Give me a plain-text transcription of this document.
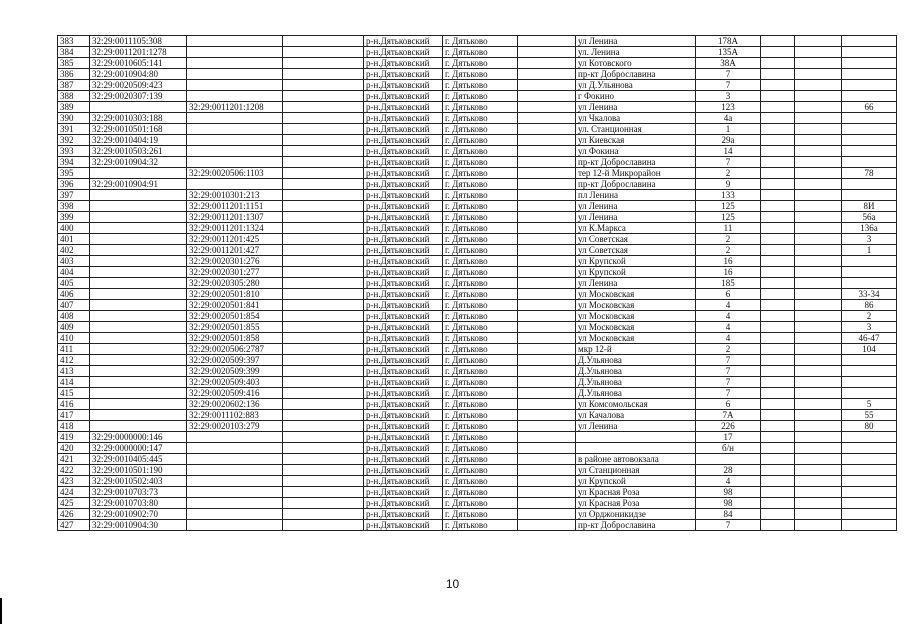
383	32:29:0011105:308			р-н.Дятьковский	г. Дятьково		ул Ленина	178А			
384	32:29:0011201:1278			р-н.Дятьковский	г. Дятьково		ул. Ленина	135А			
385	32:29:0010605:141			р-н.Дятьковский	г. Дятьково		ул Котовского	38А			
386	32:29:0010904:80			р-н.Дятьковский	г. Дятьково		пр-кт Доброславина	7			
387	32:29:0020509:423			р-н.Дятьковский	г. Дятьково		ул Д.Ульянова	7			
388	32:29:0020307:139			р-н.Дятьковский	г. Дятьково		г Фокино	3			
389		32:29:0011201:1208		р-н.Дятьковский	г. Дятьково		ул Ленина	123			66
390	32:29:0010303:188			р-н.Дятьковский	г. Дятьково		ул Чкалова	4а			
391	32:29:0010501:168			р-н.Дятьковский	г. Дятьково		ул. Станционная	1			
392	32:29:0010404:19			р-н.Дятьковский	г. Дятьково		ул Киевская	29а			
393	32:29:0010503:261			р-н.Дятьковский	г. Дятьково		ул Фокина	14			
394	32:29:0010904:32			р-н.Дятьковский	г. Дятьково		пр-кт Доброславина	7			
395		32:29:0020506:1103		р-н.Дятьковский	г. Дятьково		тер 12-й Микрорайон	2			78
396	32:29:0010904:91			р-н.Дятьковский	г. Дятьково		пр-кт Доброславина	9			
397		32:29:0010301:213		р-н.Дятьковский	г. Дятьково		пл Ленина	133			
398		32:29:0011201:1151		р-н.Дятьковский	г. Дятьково		ул Ленина	125			8И
399		32:29:0011201:1307		р-н.Дятьковский	г. Дятьково		ул Ленина	125			56а
400		32:29:0011201:1324		р-н.Дятьковский	г. Дятьково		ул К.Маркса	11			136а
401		32:29:0011201:425		р-н.Дятьковский	г. Дятьково		ул Советская	2			3
402		32:29:0011201:427		р-н.Дятьковский	г. Дятьково		ул Советская	2			1
403		32:29:0020301:276		р-н.Дятьковский	г. Дятьково		ул Крупской	16			
404		32:29:0020301:277		р-н.Дятьковский	г. Дятьково		ул Крупской	16			
405		32:29:0020305:280		р-н.Дятьковский	г. Дятьково		ул Ленина	185			
406		32:29:0020501:810		р-н.Дятьковский	г. Дятьково		ул Московская	6			33-34
407		32:29:0020501:841		р-н.Дятьковский	г. Дятьково		ул Московская	4			86
408		32:29:0020501:854		р-н.Дятьковский	г. Дятьково		ул Московская	4			2
409		32:29:0020501:855		р-н.Дятьковский	г. Дятьково		ул Московская	4			3
410		32:29:0020501:858		р-н.Дятьковский	г. Дятьково		ул Московская	4			46-47
411		32:29:0020506:2787		р-н.Дятьковский	г. Дятьково		мкр 12-й	2			104
412		32:29:0020509:397		р-н.Дятьковский	г. Дятьково		Д.Ульянова	7			
413		32:29:0020509:399		р-н.Дятьковский	г. Дятьково		Д.Ульянова	7			
414		32:29:0020509:403		р-н.Дятьковский	г. Дятьково		Д.Ульянова	7			
415		32:29:0020509:416		р-н.Дятьковский	г. Дятьково		Д.Ульянова	7			
416		32:29:0020602:136		р-н.Дятьковский	г. Дятьково		ул Комсомольская	6			5
417		32:29:0011102:883		р-н.Дятьковский	г. Дятьково		ул Качалова	7А			55
418		32:29:0020103:279		р-н.Дятьковский	г. Дятьково		ул Ленина	226			80
419	32:29:0000000:146			р-н.Дятьковский	г. Дятьково			17			
420	32:29:0000000:147			р-н.Дятьковский	г. Дятьково			б/н			
421	32:29:0010405:445			р-н.Дятьковский	г. Дятьково		в районе автовокзала				
422	32:29:0010501:190			р-н.Дятьковский	г. Дятьково		ул Станционная	28			
423	32:29:0010502:403			р-н.Дятьковский	г. Дятьково		ул Крупской	4			
424	32:29:0010703:73			р-н.Дятьковский	г. Дятьково		ул Красная Роза	98			
425	32:29:0010703:80			р-н.Дятьковский	г. Дятьково		ул Красная Роза	98			
426	32:29:0010902:70			р-н.Дятьковский	г. Дятьково		ул Орджоникидзе	84			
427	32:29:0010904:30			р-н.Дятьковский	г. Дятьково		пр-кт Доброславина	7			
10
